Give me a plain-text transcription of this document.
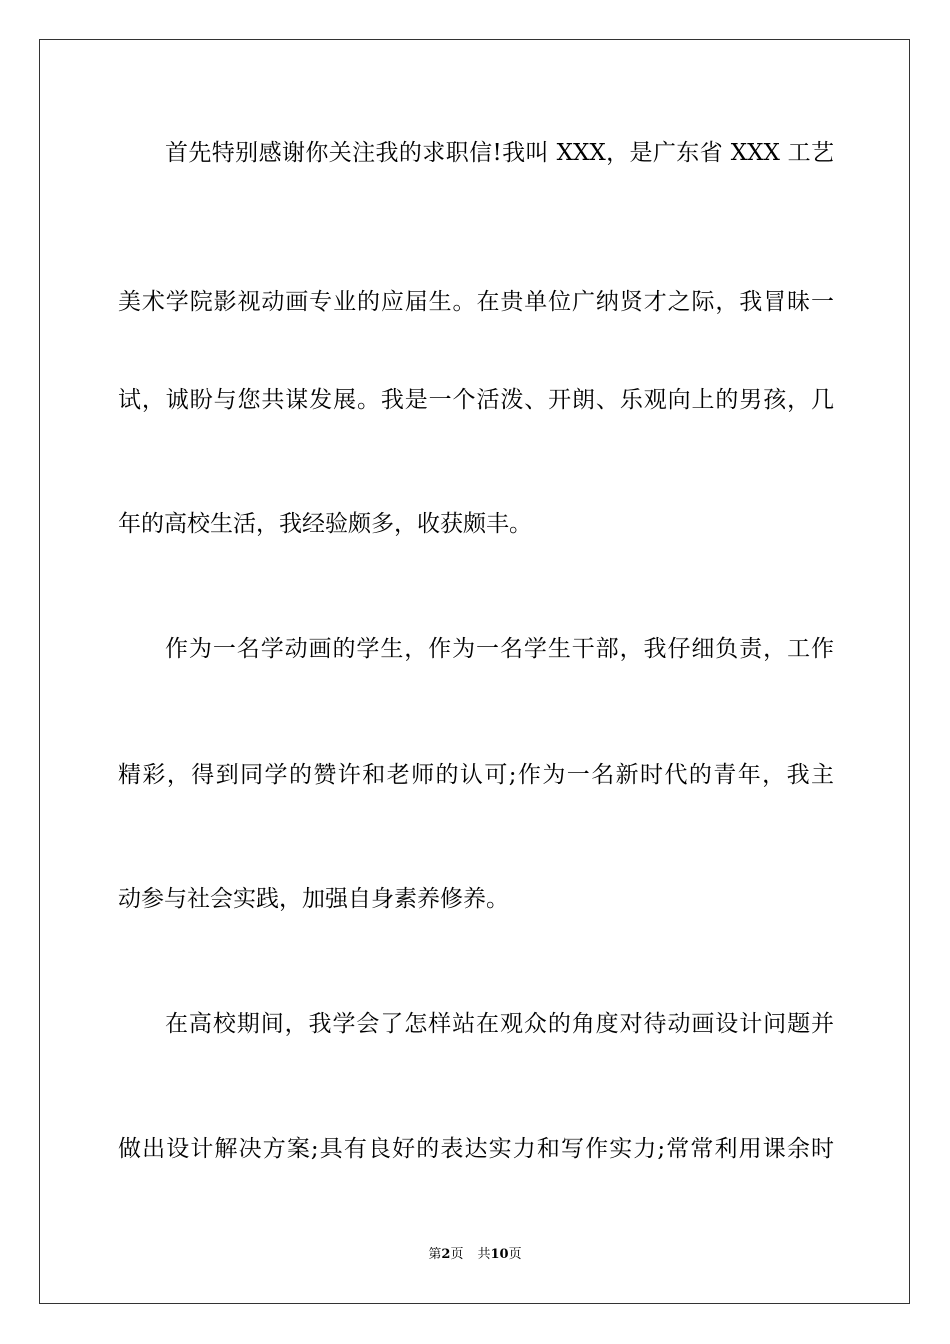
首先特别感谢你关注我的求职信!我叫 XXX，是广东省 XXX 工艺
美术学院影视动画专业的应届生。在贵单位广纳贤才之际，我冒昧一
试，诚盼与您共谋发展。我是一个活泼、开朗、乐观向上的男孩，几
年的高校生活，我经验颇多，收获颇丰。
作为一名学动画的学生，作为一名学生干部，我仔细负责，工作
精彩，得到同学的赞许和老师的认可;作为一名新时代的青年，我主
动参与社会实践，加强自身素养修养。
在高校期间，我学会了怎样站在观众的角度对待动画设计问题并
做出设计解决方案;具有良好的表达实力和写作实力;常常利用课余时
第2页 共10页
